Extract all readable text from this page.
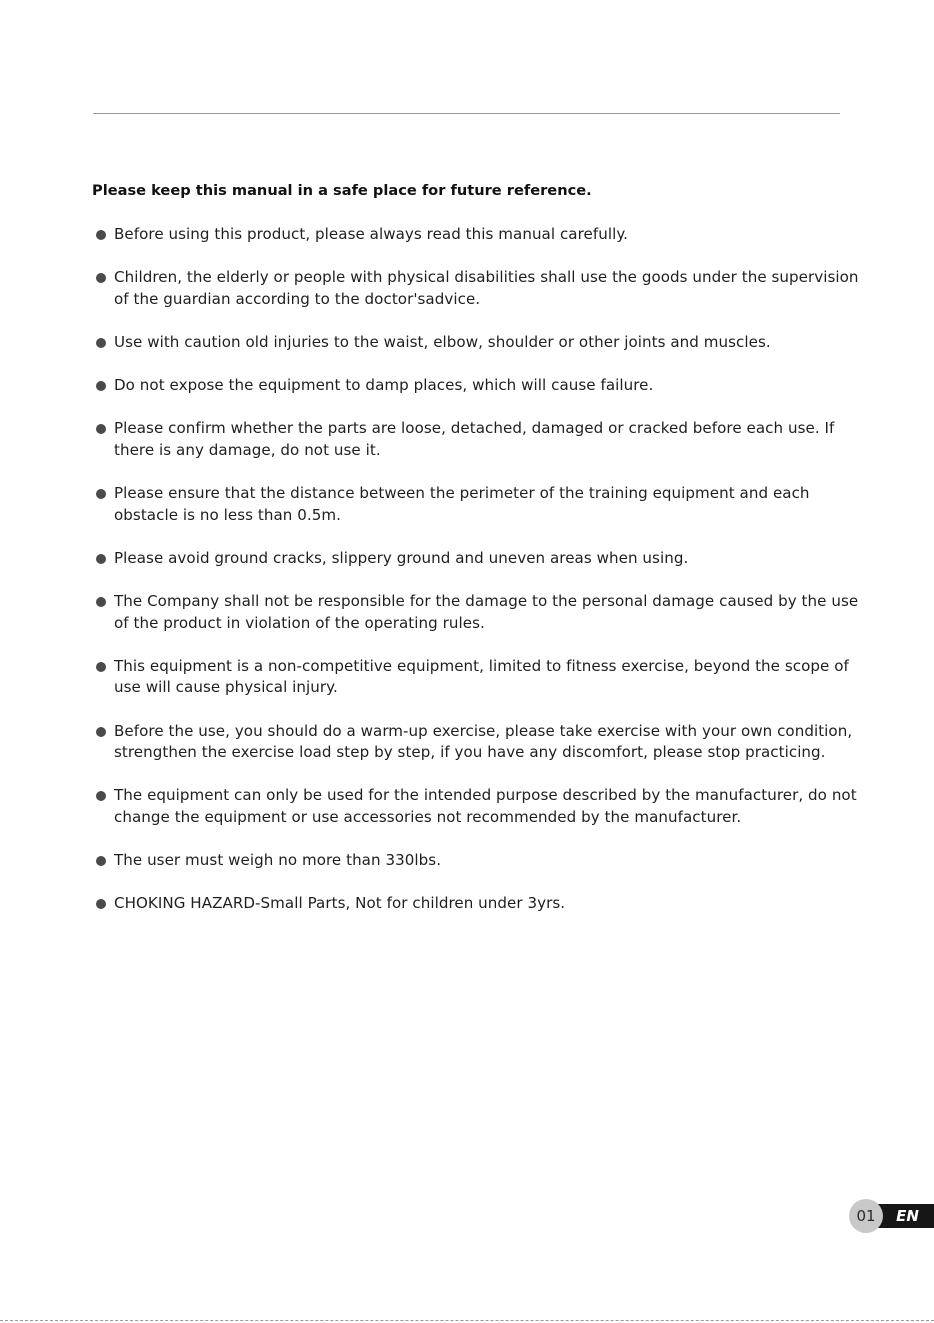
Please keep this manual in a safe place for future reference.
Before using this product, please always read this manual carefully.
Children, the elderly or people with physical disabilities shall use the goods under the supervision of the guardian according to the doctor'sadvice.
Use with caution old injuries to the waist, elbow, shoulder or other joints and muscles.
Do not expose the equipment to damp places, which will cause failure.
Please confirm whether the parts are loose, detached, damaged or cracked before each use. If there is any damage, do not use it.
Please ensure that the distance between the perimeter of the training equipment and each obstacle is no less than 0.5m.
Please avoid ground cracks, slippery ground and uneven areas when using.
The Company shall not be responsible for the damage to the personal damage caused by the use of the product in violation of the operating rules.
This equipment is a non-competitive equipment, limited to fitness exercise, beyond the scope of use will cause physical injury.
Before the use, you should do a warm-up exercise, please take exercise with your own condition, strengthen the exercise load step by step, if you have any discomfort, please stop practicing.
The equipment can only be used for the intended purpose described by the manufacturer, do not change the equipment or use accessories not recommended by the manufacturer.
The user must weigh no more than 330lbs.
CHOKING HAZARD-Small Parts, Not for children under 3yrs.
01	EN
